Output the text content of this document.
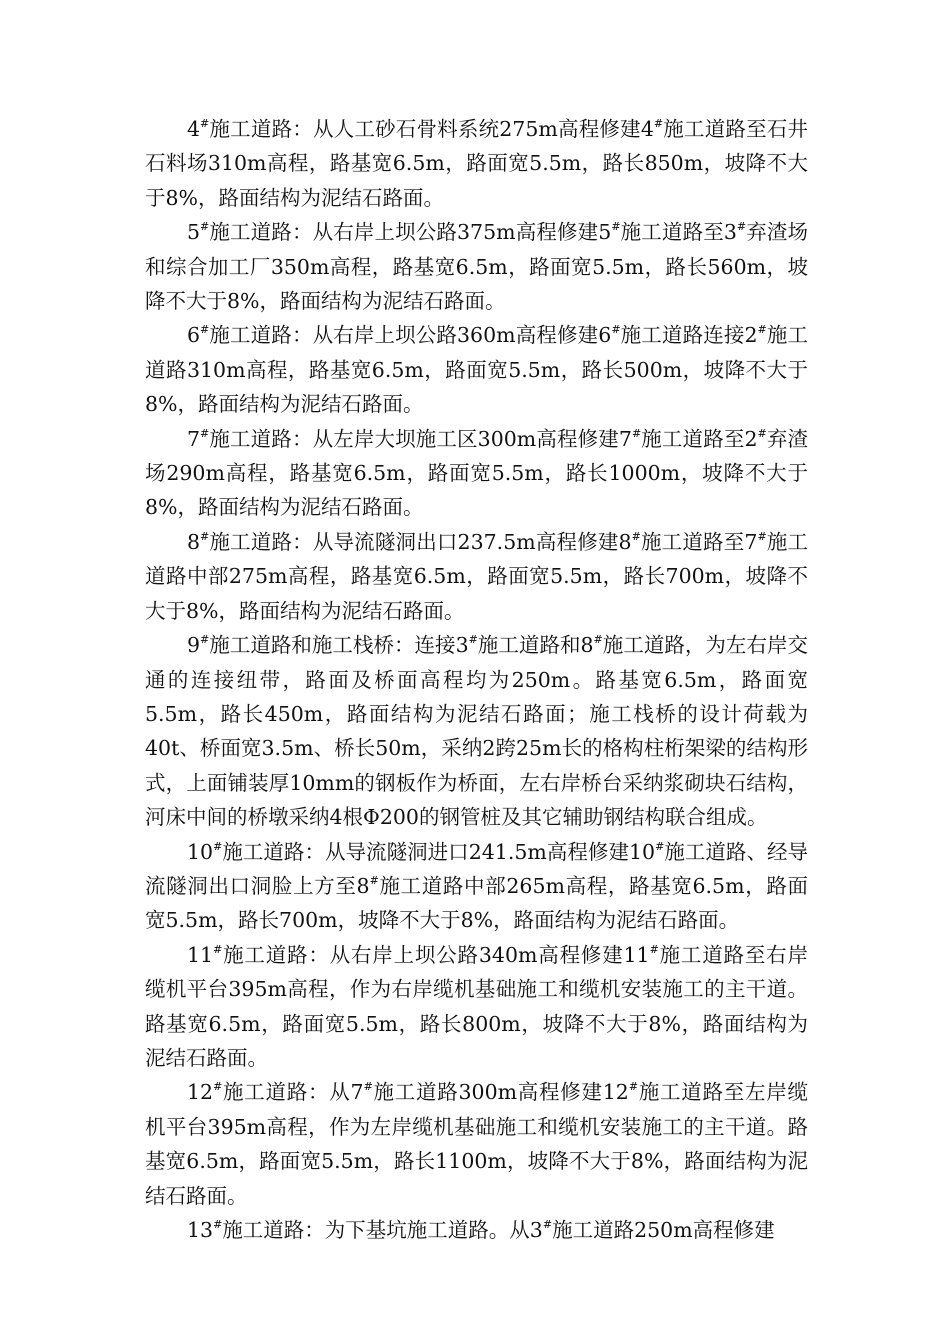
4#施工道路：从人工砂石骨料系统275m高程修建4#施工道路至石井石料场310m高程，路基宽6.5m，路面宽5.5m，路长850m，坡降不大于8%，路面结构为泥结石路面。

5#施工道路：从右岸上坝公路375m高程修建5#施工道路至3#弃渣场和综合加工厂350m高程，路基宽6.5m，路面宽5.5m，路长560m，坡降不大于8%，路面结构为泥结石路面。

6#施工道路：从右岸上坝公路360m高程修建6#施工道路连接2#施工道路310m高程，路基宽6.5m，路面宽5.5m，路长500m，坡降不大于8%，路面结构为泥结石路面。

7#施工道路：从左岸大坝施工区300m高程修建7#施工道路至2#弃渣场290m高程，路基宽6.5m，路面宽5.5m，路长1000m，坡降不大于8%，路面结构为泥结石路面。

8#施工道路：从导流隧洞出口237.5m高程修建8#施工道路至7#施工道路中部275m高程，路基宽6.5m，路面宽5.5m，路长700m，坡降不大于8%，路面结构为泥结石路面。

9#施工道路和施工栈桥：连接3#施工道路和8#施工道路，为左右岸交通的连接纽带，路面及桥面高程均为250m。路基宽6.5m，路面宽5.5m，路长450m，路面结构为泥结石路面；施工栈桥的设计荷载为40t、桥面宽3.5m、桥长50m，采纳2跨25m长的格构柱桁架梁的结构形式，上面铺装厚10mm的钢板作为桥面，左右岸桥台采纳浆砌块石结构，河床中间的桥墩采纳4根Φ200的钢管桩及其它辅助钢结构联合组成。

10#施工道路：从导流隧洞进口241.5m高程修建10#施工道路、经导流隧洞出口洞脸上方至8#施工道路中部265m高程，路基宽6.5m，路面宽5.5m，路长700m，坡降不大于8%，路面结构为泥结石路面。

11#施工道路：从右岸上坝公路340m高程修建11#施工道路至右岸缆机平台395m高程，作为右岸缆机基础施工和缆机安装施工的主干道。路基宽6.5m，路面宽5.5m，路长800m，坡降不大于8%，路面结构为泥结石路面。

12#施工道路：从7#施工道路300m高程修建12#施工道路至左岸缆机平台395m高程，作为左岸缆机基础施工和缆机安装施工的主干道。路基宽6.5m，路面宽5.5m，路长1100m，坡降不大于8%，路面结构为泥结石路面。

13#施工道路：为下基坑施工道路。从3#施工道路250m高程修建
